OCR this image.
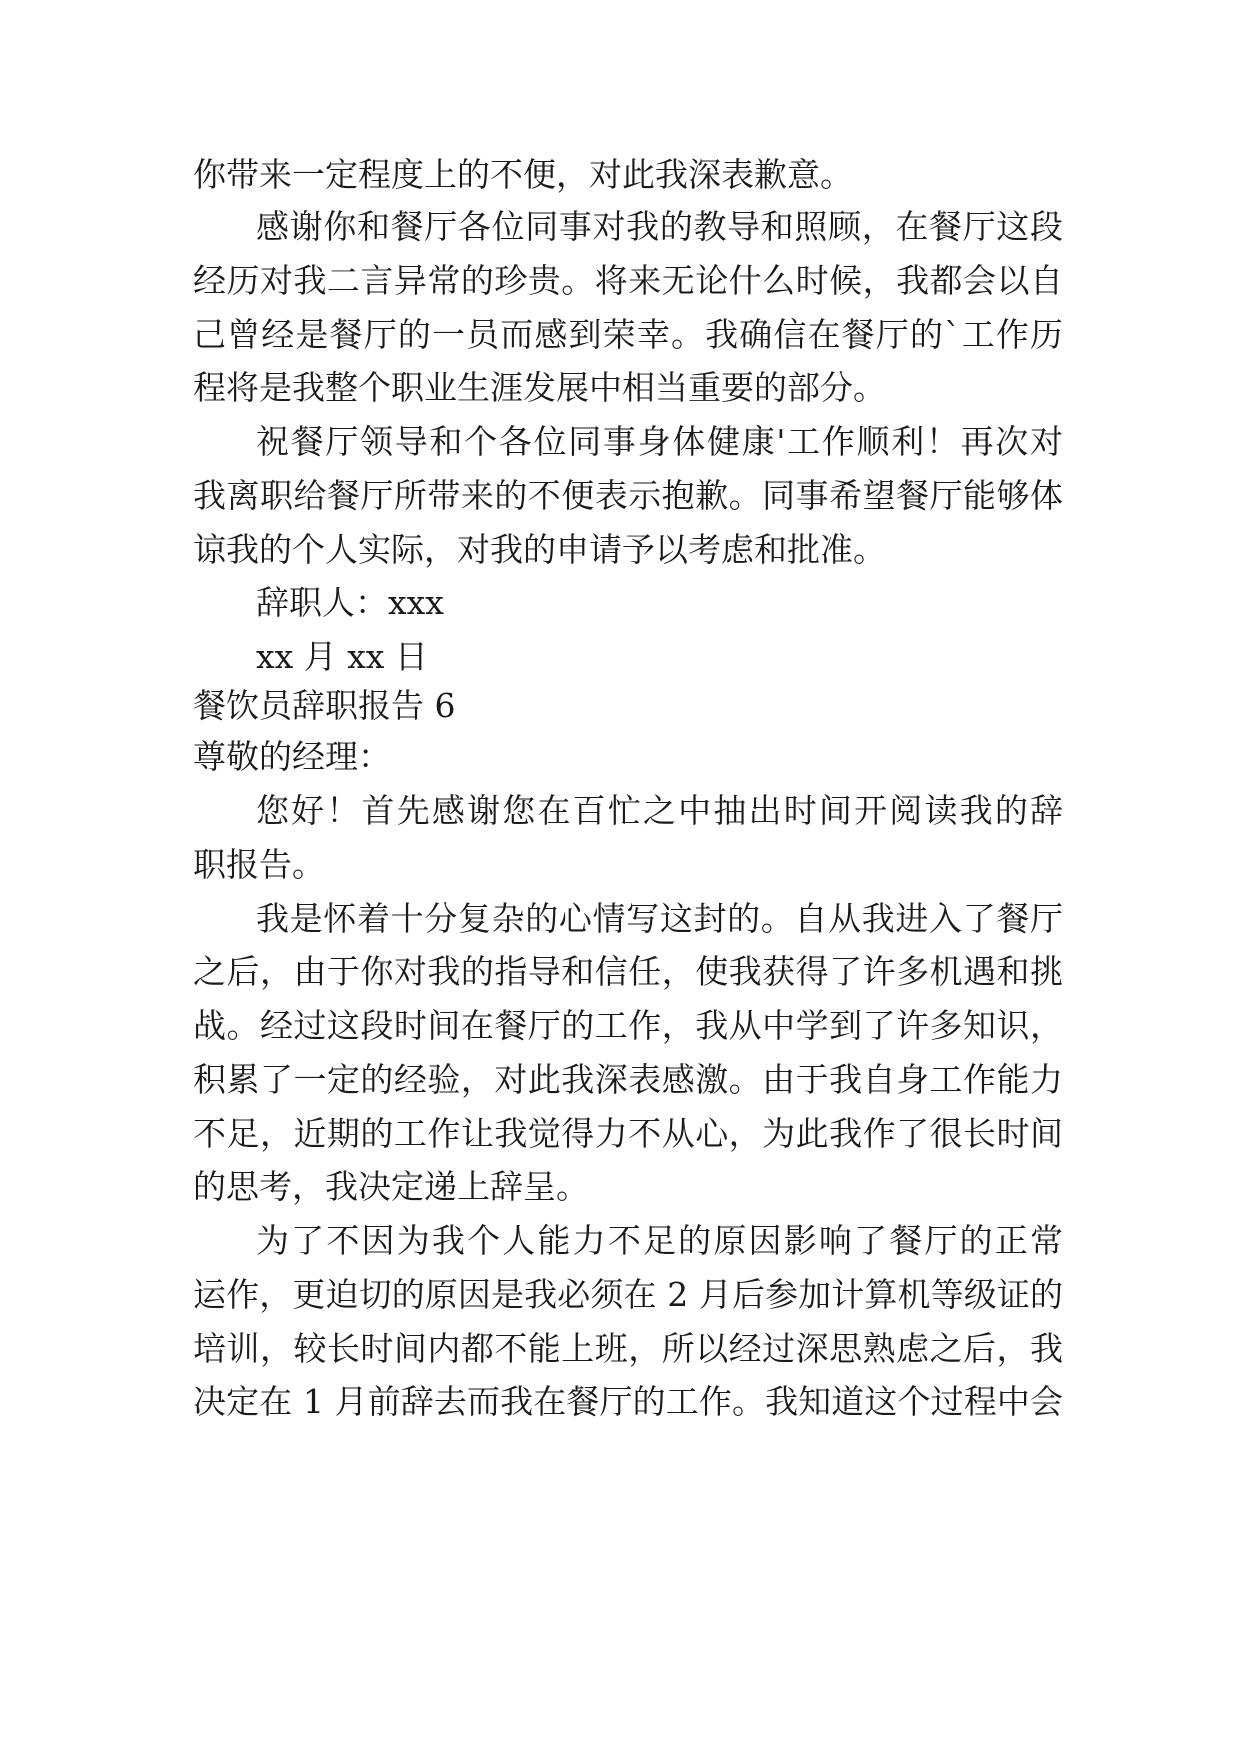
你带来一定程度上的不便，对此我深表歉意。
感谢你和餐厅各位同事对我的教导和照顾，在餐厅这段
经历对我二言异常的珍贵。将来无论什么时候，我都会以自
己曾经是餐厅的一员而感到荣幸。我确信在餐厅的`工作历
程将是我整个职业生涯发展中相当重要的部分。
祝餐厅领导和个各位同事身体健康'工作顺利！再次对
我离职给餐厅所带来的不便表示抱歉。同事希望餐厅能够体
谅我的个人实际，对我的申请予以考虑和批准。
辞职人：xxx
xx 月 xx 日
餐饮员辞职报告 6
尊敬的经理：
您好！首先感谢您在百忙之中抽出时间开阅读我的辞
职报告。
我是怀着十分复杂的心情写这封的。自从我进入了餐厅
之后，由于你对我的指导和信任，使我获得了许多机遇和挑
战。经过这段时间在餐厅的工作，我从中学到了许多知识，
积累了一定的经验，对此我深表感激。由于我自身工作能力
不足，近期的工作让我觉得力不从心，为此我作了很长时间
的思考，我决定递上辞呈。
为了不因为我个人能力不足的原因影响了餐厅的正常
运作，更迫切的原因是我必须在 2 月后参加计算机等级证的
培训，较长时间内都不能上班，所以经过深思熟虑之后，我
决定在 1 月前辞去而我在餐厅的工作。我知道这个过程中会
